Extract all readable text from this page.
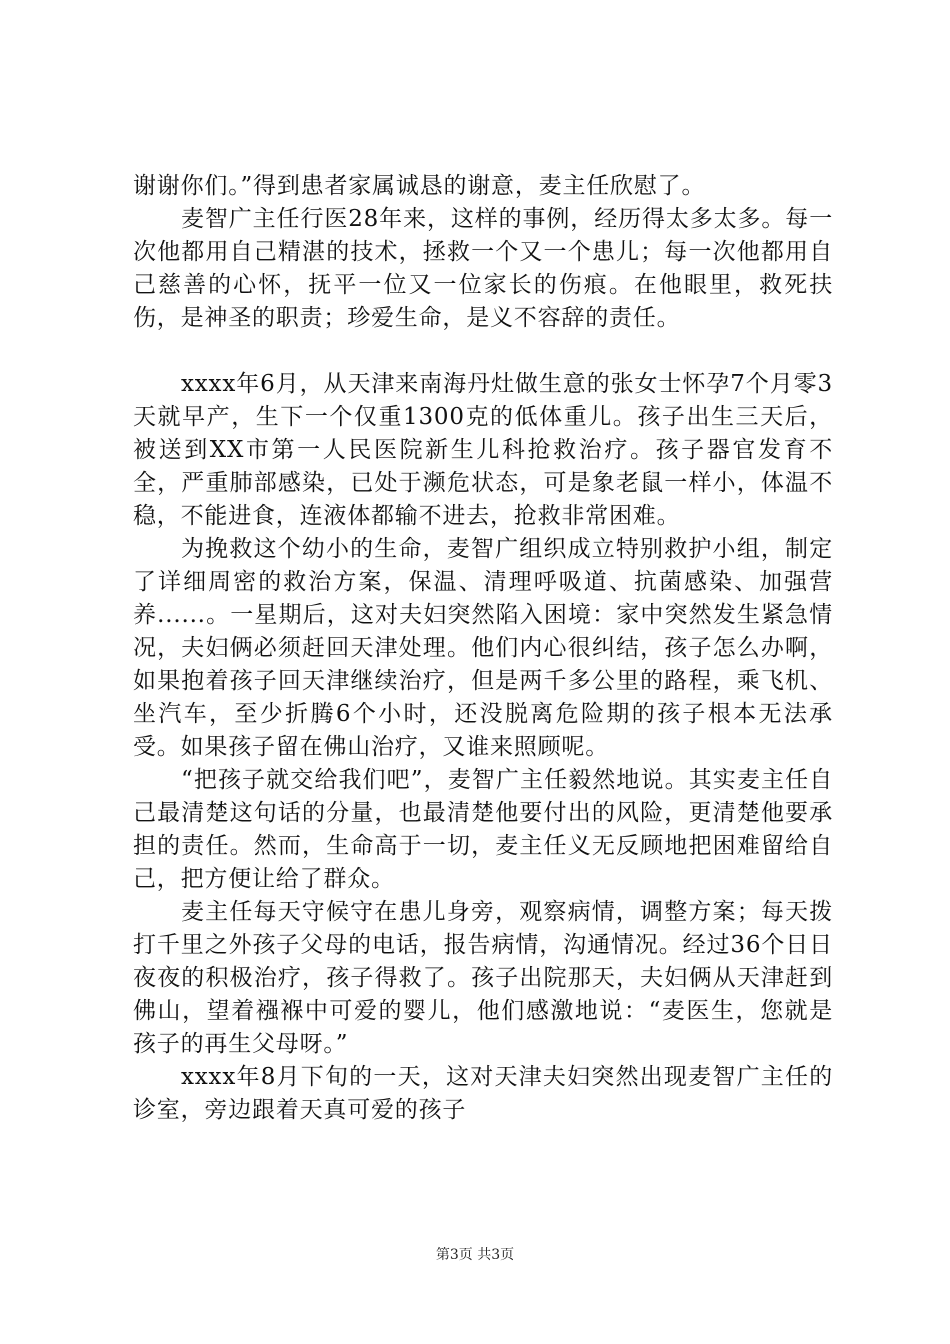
谢谢你们。”得到患者家属诚恳的谢意，麦主任欣慰了。

麦智广主任行医28年来，这样的事例，经历得太多太多。每一次他都用自己精湛的技术，拯救一个又一个患儿；每一次他都用自己慈善的心怀，抚平一位又一位家长的伤痕。在他眼里，救死扶伤，是神圣的职责；珍爱生命，是义不容辞的责任。

xxxx年6月，从天津来南海丹灶做生意的张女士怀孕7个月零3天就早产，生下一个仅重1300克的低体重儿。孩子出生三天后，被送到XX市第一人民医院新生儿科抢救治疗。孩子器官发育不全，严重肺部感染，已处于濒危状态，可是象老鼠一样小，体温不稳，不能进食，连液体都输不进去，抢救非常困难。

为挽救这个幼小的生命，麦智广组织成立特别救护小组，制定了详细周密的救治方案，保温、清理呼吸道、抗菌感染、加强营养......。一星期后，这对夫妇突然陷入困境：家中突然发生紧急情况，夫妇俩必须赶回天津处理。他们内心很纠结，孩子怎么办啊，如果抱着孩子回天津继续治疗，但是两千多公里的路程，乘飞机、坐汽车，至少折腾6个小时，还没脱离危险期的孩子根本无法承受。如果孩子留在佛山治疗，又谁来照顾呢。

“把孩子就交给我们吧”，麦智广主任毅然地说。其实麦主任自己最清楚这句话的分量，也最清楚他要付出的风险，更清楚他要承担的责任。然而，生命高于一切，麦主任义无反顾地把困难留给自己，把方便让给了群众。

麦主任每天守候守在患儿身旁，观察病情，调整方案；每天拨打千里之外孩子父母的电话，报告病情，沟通情况。经过36个日日夜夜的积极治疗，孩子得救了。孩子出院那天，夫妇俩从天津赶到佛山，望着襁褓中可爱的婴儿，他们感激地说：“麦医生，您就是孩子的再生父母呀。”

xxxx年8月下旬的一天，这对天津夫妇突然出现麦智广主任的诊室，旁边跟着天真可爱的孩子

第3页 共3页
